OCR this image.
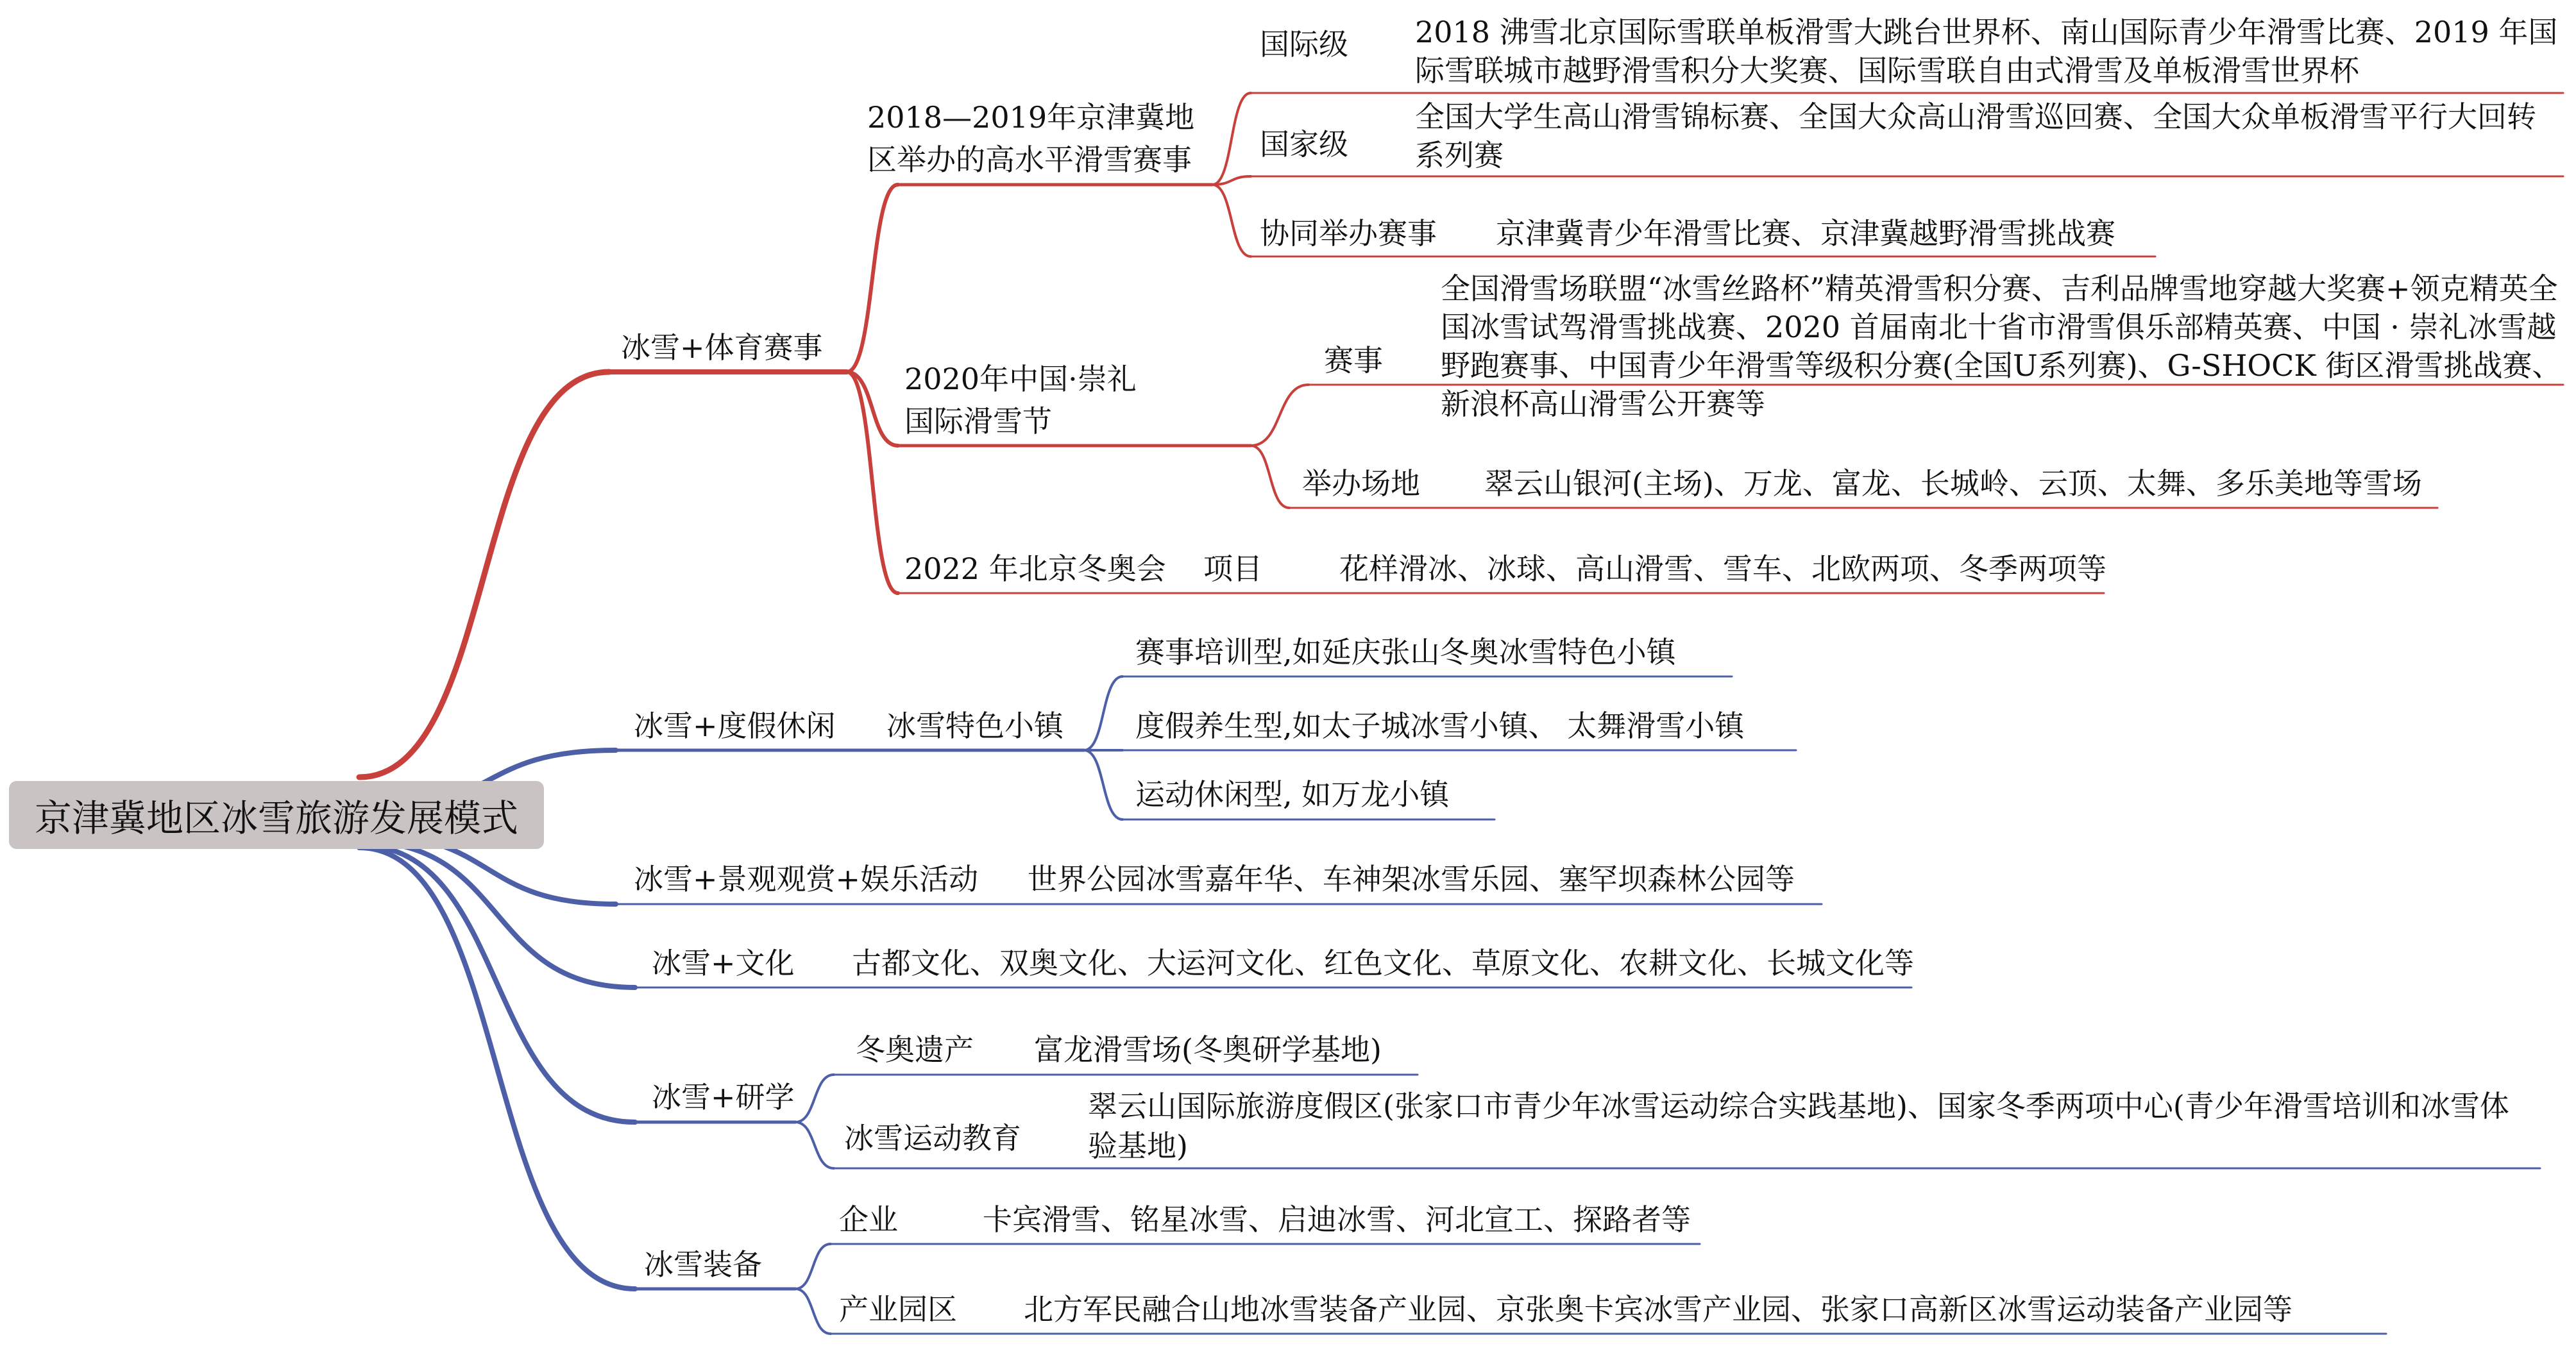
京津冀地区冰雪旅游发展模式
冰雪+体育赛事
2018—2019年京津冀地区举办的高水平滑雪赛事
国际级 2018 沸雪北京国际雪联单板滑雪大跳台世界杯、南山国际青少年滑雪比赛、2019 年国际雪联城市越野滑雪积分大奖赛、国际雪联自由式滑雪及单板滑雪世界杯
国家级
全国大学生高山滑雪锦标赛、全国大众高山滑雪巡回赛、全国大众单板滑雪平行大回转系列赛
协同举办赛事 京津冀青少年滑雪比赛、京津冀越野滑雪挑战赛
2020年中国·崇礼国际滑雪节
赛事
全国滑雪场联盟“冰雪丝路杯”精英滑雪积分赛、吉利品牌雪地穿越大奖赛+领克精英全国冰雪试驾滑雪挑战赛、2020 首届南北十省市滑雪俱乐部精英赛、中国 · 崇礼冰雪越野跑赛事、中国青少年滑雪等级积分赛(全国U系列赛)、G-SHOCK 街区滑雪挑战赛、新浪杯高山滑雪公开赛等
举办场地 翠云山银河(主场)、万龙、富龙、长城岭、云顶、太舞、多乐美地等雪场
2022 年北京冬奥会 项目	花样滑冰、冰球、高山滑雪、雪车、北欧两项、冬季两项等
冰雪+度假休闲 冰雪特色小镇
赛事培训型,如延庆张山冬奥冰雪特色小镇
度假养生型,如太子城冰雪小镇、 太舞滑雪小镇
运动休闲型, 如万龙小镇
冰雪+景观观赏+娱乐活动 世界公园冰雪嘉年华、车神架冰雪乐园、塞罕坝森林公园等
冰雪+文化 古都文化、双奥文化、大运河文化、红色文化、草原文化、农耕文化、长城文化等
冰雪+研学
冬奥遗产 富龙滑雪场(冬奥研学基地)
冰雪运动教育
翠云山国际旅游度假区(张家口市青少年冰雪运动综合实践基地)、国家冬季两项中心(青少年滑雪培训和冰雪体验基地)
冰雪装备
企业	卡宾滑雪、铭星冰雪、启迪冰雪、河北宣工、探路者等
产业园区 北方军民融合山地冰雪装备产业园、京张奥卡宾冰雪产业园、张家口高新区冰雪运动装备产业园等
